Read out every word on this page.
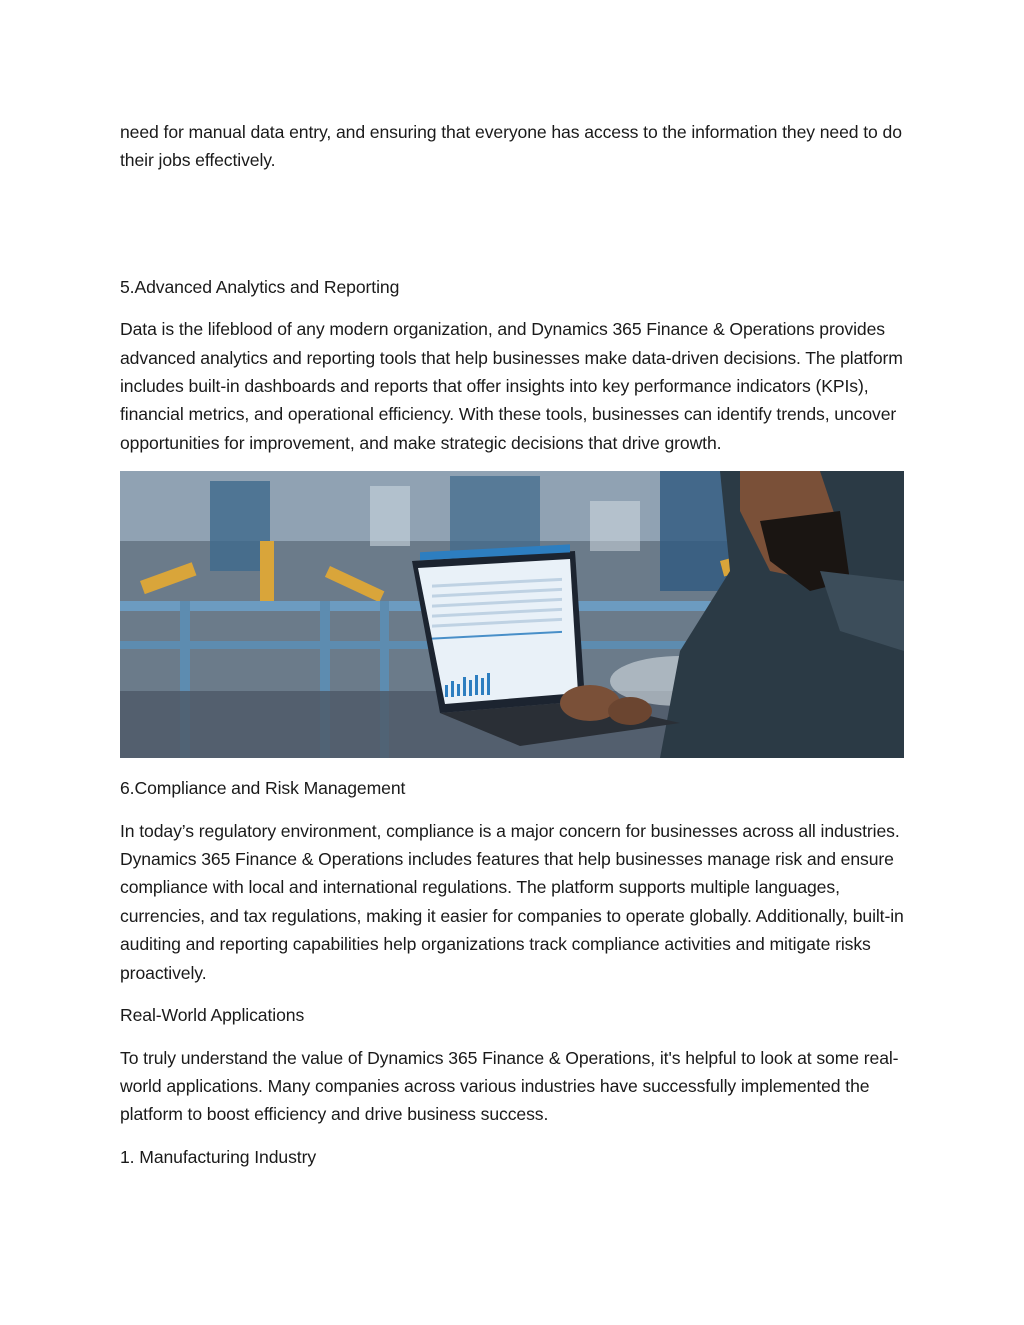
need for manual data entry, and ensuring that everyone has access to the information they need to do their jobs effectively.

5.Advanced Analytics and Reporting

Data is the lifeblood of any modern organization, and Dynamics 365 Finance & Operations provides advanced analytics and reporting tools that help businesses make data-driven decisions. The platform includes built-in dashboards and reports that offer insights into key performance indicators (KPIs), financial metrics, and operational efficiency. With these tools, businesses can identify trends, uncover opportunities for improvement, and make strategic decisions that drive growth.

6.Compliance and Risk Management

In today’s regulatory environment, compliance is a major concern for businesses across all industries. Dynamics 365 Finance & Operations includes features that help businesses manage risk and ensure compliance with local and international regulations. The platform supports multiple languages, currencies, and tax regulations, making it easier for companies to operate globally. Additionally, built-in auditing and reporting capabilities help organizations track compliance activities and mitigate risks proactively.

Real-World Applications

To truly understand the value of Dynamics 365 Finance & Operations, it's helpful to look at some real-world applications. Many companies across various industries have successfully implemented the platform to boost efficiency and drive business success.

1. Manufacturing Industry
